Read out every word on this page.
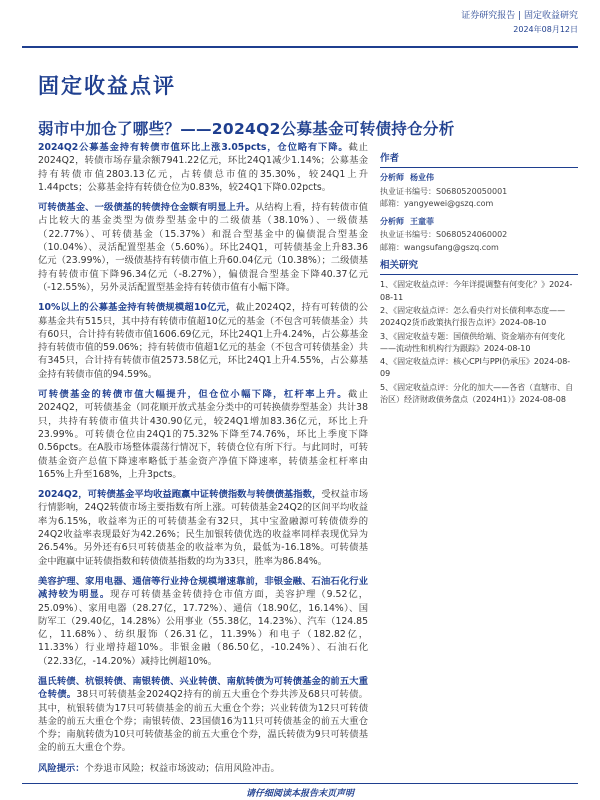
证券研究报告 | 固定收益研究
2024年08月12日
固定收益点评
弱市中加仓了哪些？——2024Q2公募基金可转债持仓分析

2024Q2公募基金持有转债市值环比上涨3.05pcts，仓位略有下降。截止2024Q2，转债市场存量余额7941.22亿元，环比24Q1减少1.14%；公募基金持有转债市值2803.13亿元，占转债总市值的35.30%，较24Q1上升1.44pcts；公募基金持有转债仓位为0.83%，较24Q1下降0.02pcts。

可转债基金、一级债基的转债持仓金额有明显上升。从结构上看，持有转债市值占比较大的基金类型为债券型基金中的二级债基（38.10%）、一级债基（22.77%）、可转债基金（15.37%）和混合型基金中的偏债混合型基金（10.04%）、灵活配置型基金（5.60%）。环比24Q1，可转债基金上升83.36亿元（23.99%），一级债基持有转债市值上升60.04亿元（10.38%）；二级债基持有转债市值下降96.34亿元（-8.27%），偏债混合型基金下降40.37亿元（-12.55%），另外灵活配置型基金持有转债市值有小幅下降。

10%以上的公募基金持有转债规模超10亿元，截止2024Q2，持有可转债的公募基金共有515只，其中持有转债市值超10亿元的基金（不包含可转债基金）共有60只，合计持有转债市值1606.69亿元，环比24Q1上升4.24%，占公募基金持有转债市值的59.06%；持有转债市值超1亿元的基金（不包含可转债基金）共有345只，合计持有转债市值2573.58亿元，环比24Q1上升4.55%，占公募基金持有转债市值的94.59%。

可转债基金的转债市值大幅提升，但仓位小幅下降，杠杆率上升。截止2024Q2，可转债基金（同花顺开放式基金分类中的可转换债券型基金）共计38只，共持有转债市值共计430.90亿元，较24Q1增加83.36亿元，环比上升23.99%。可转债仓位由24Q1的75.32%下降至74.76%，环比上季度下降0.56pcts。在A股市场整体震荡行情况下，转债仓位有所下行。与此同时，可转债基金资产总值下降速率略低于基金资产净值下降速率，转债基金杠杆率由165%上升至168%，上升3pcts。

2024Q2，可转债基金平均收益跑赢中证转债指数与转债债基指数，受权益市场行情影响，24Q2转债市场主要指数有所上涨。可转债基金24Q2的区间平均收益率为6.15%，收益率为正的可转债基金有32只，其中宝盈融源可转债债券的24Q2收益率表现最好为42.26%；民生加银转债优选的收益率同样表现优异为26.54%。另外还有6只可转债基金的收益率为负，最低为-16.18%。可转债基金中跑赢中证转债指数和转债债基指数的均为33只，胜率为86.84%。

美容护理、家用电器、通信等行业持仓规模增速靠前，非银金融、石油石化行业减持较为明显。现存可转债基金转债持仓市值方面，美容护理（9.52亿，25.09%）、家用电器（28.27亿，17.72%）、通信（18.90亿，16.14%）、国防军工（29.40亿，14.28%）公用事业（55.38亿，14.23%）、汽车（124.85亿，11.68%）、纺织服饰（26.31亿，11.39%）和电子（182.82亿，11.33%）行业增持超10%。非银金融（86.50亿，-10.24%）、石油石化（22.33亿，-14.20%）减持比例超10%。

温氏转债、杭银转债、南银转债、兴业转债、南航转债为可转债基金的前五大重仓转债。38只可转债基金2024Q2持有的前五大重仓个券共涉及68只可转债。其中，杭银转债为17只可转债基金的前五大重仓个券；兴业转债为12只可转债基金的前五大重仓个券；南银转债、23国债16为11只可转债基金的前五大重仓个券；南航转债为10只可转债基金的前五大重仓个券，温氏转债为9只可转债基金的前五大重仓个券。

风险提示：个券退市风险；权益市场波动；信用风险冲击。

作者
分析师 杨业伟
执业证书编号：S0680520050001
邮箱：yangyewei@gszq.com
分析师 王童菲
执业证书编号：S0680524060002
邮箱：wangsufang@gszq.com
相关研究
1、《固定收益点评：今年详提调整有何变化？》2024-08-11
2、《固定收益点评：怎么看央行对长债利率态度——2024Q2货币政策执行报告点评》2024-08-10
3、《固定收益专题：国债供给端、资金端亦有何变化——流动性和机构行为跟踪》2024-08-10
4、《固定收益点评：核心CPI与PPI仍承压》2024-08-09
5、《固定收益点评：分化的加大——各省（直辖市、自治区）经济财政债务盘点（2024H1）》2024-08-08
请仔细阅读本报告末页声明
